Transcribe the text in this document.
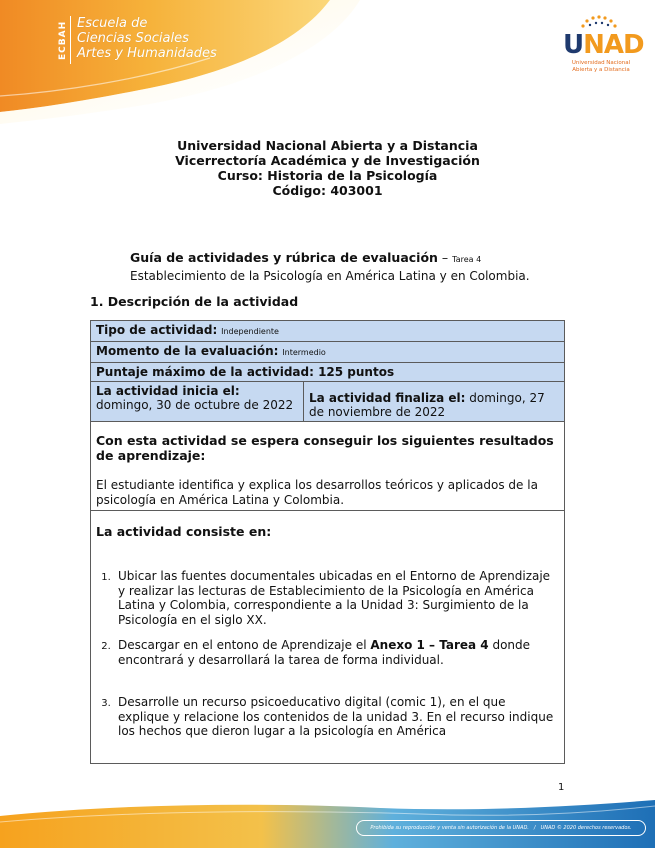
ECBAH Escuela de
Ciencias Sociales
Artes y Humanidades	UNAD
Universidad Nacional
Abierta y a Distancia
Universidad Nacional Abierta y a Distancia
Vicerrectoría Académica y de Investigación
Curso: Historia de la Psicología
Código: 403001
Guía de actividades y rúbrica de evaluación – Tarea 4
Establecimiento de la Psicología en América Latina y en Colombia.
1. Descripción de la actividad
Tipo de actividad: Independiente
Momento de la evaluación: Intermedio
Puntaje máximo de la actividad: 125 puntos

La actividad inicia el:
domingo, 30 de octubre de 2022	La actividad finaliza el: domingo, 27 de noviembre de 2022

Con esta actividad se espera conseguir los siguientes resultados de aprendizaje:
El estudiante identifica y explica los desarrollos teóricos y aplicados de la psicología en América Latina y Colombia.

La actividad consiste en:
1. Ubicar las fuentes documentales ubicadas en el Entorno de Aprendizaje y realizar las lecturas de Establecimiento de la Psicología en América Latina y Colombia, correspondiente a la Unidad 3: Surgimiento de la Psicología en el siglo XX.
2. Descargar en el entono de Aprendizaje el Anexo 1 – Tarea 4 donde encontrará y desarrollará la tarea de forma individual.
3. Desarrolle un recurso psicoeducativo digital (comic 1), en el que explique y relacione los contenidos de la unidad 3. En el recurso indique los hechos que dieron lugar a la psicología en América
1
Prohibida su reproducción y venta sin autorización de la UNAD. / UNAD © 2020 derechos reservados.
